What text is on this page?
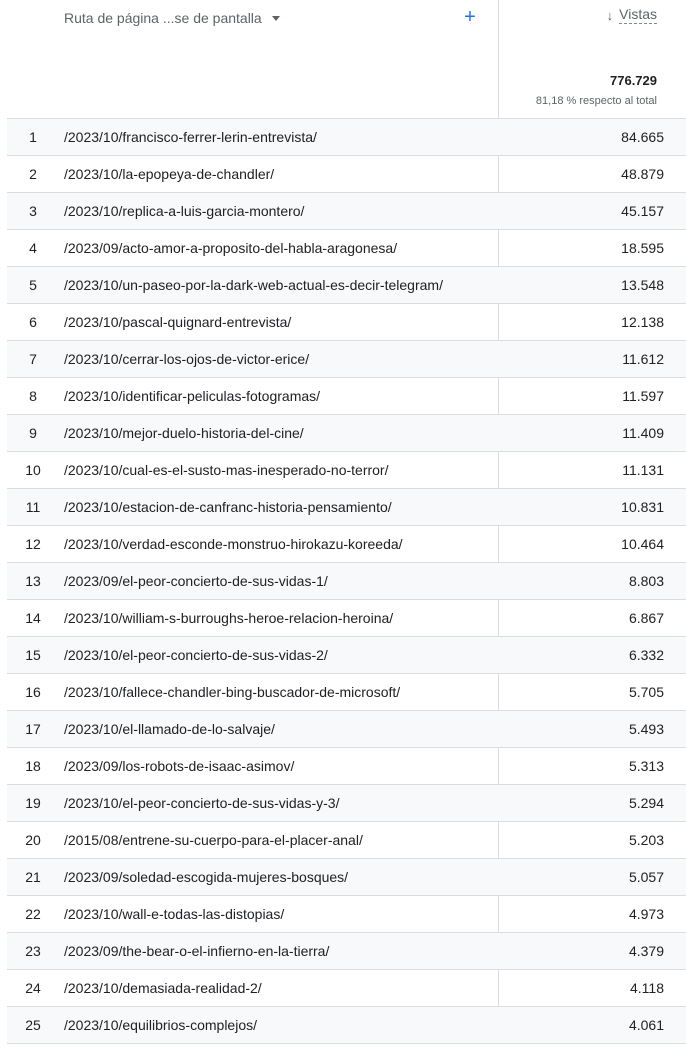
Ruta de página ...se de pantalla	+	↓ Vistas
776.729
81,18 % respecto al total
1	/2023/10/francisco-ferrer-lerin-entrevista/	84.665
2	/2023/10/la-epopeya-de-chandler/	48.879
3	/2023/10/replica-a-luis-garcia-montero/	45.157
4	/2023/09/acto-amor-a-proposito-del-habla-aragonesa/	18.595
5	/2023/10/un-paseo-por-la-dark-web-actual-es-decir-telegram/	13.548
6	/2023/10/pascal-quignard-entrevista/	12.138
7	/2023/10/cerrar-los-ojos-de-victor-erice/	11.612
8	/2023/10/identificar-peliculas-fotogramas/	11.597
9	/2023/10/mejor-duelo-historia-del-cine/	11.409
10	/2023/10/cual-es-el-susto-mas-inesperado-no-terror/	11.131
11	/2023/10/estacion-de-canfranc-historia-pensamiento/	10.831
12	/2023/10/verdad-esconde-monstruo-hirokazu-koreeda/	10.464
13	/2023/09/el-peor-concierto-de-sus-vidas-1/	8.803
14	/2023/10/william-s-burroughs-heroe-relacion-heroina/	6.867
15	/2023/10/el-peor-concierto-de-sus-vidas-2/	6.332
16	/2023/10/fallece-chandler-bing-buscador-de-microsoft/	5.705
17	/2023/10/el-llamado-de-lo-salvaje/	5.493
18	/2023/09/los-robots-de-isaac-asimov/	5.313
19	/2023/10/el-peor-concierto-de-sus-vidas-y-3/	5.294
20	/2015/08/entrene-su-cuerpo-para-el-placer-anal/	5.203
21	/2023/09/soledad-escogida-mujeres-bosques/	5.057
22	/2023/10/wall-e-todas-las-distopias/	4.973
23	/2023/09/the-bear-o-el-infierno-en-la-tierra/	4.379
24	/2023/10/demasiada-realidad-2/	4.118
25	/2023/10/equilibrios-complejos/	4.061
